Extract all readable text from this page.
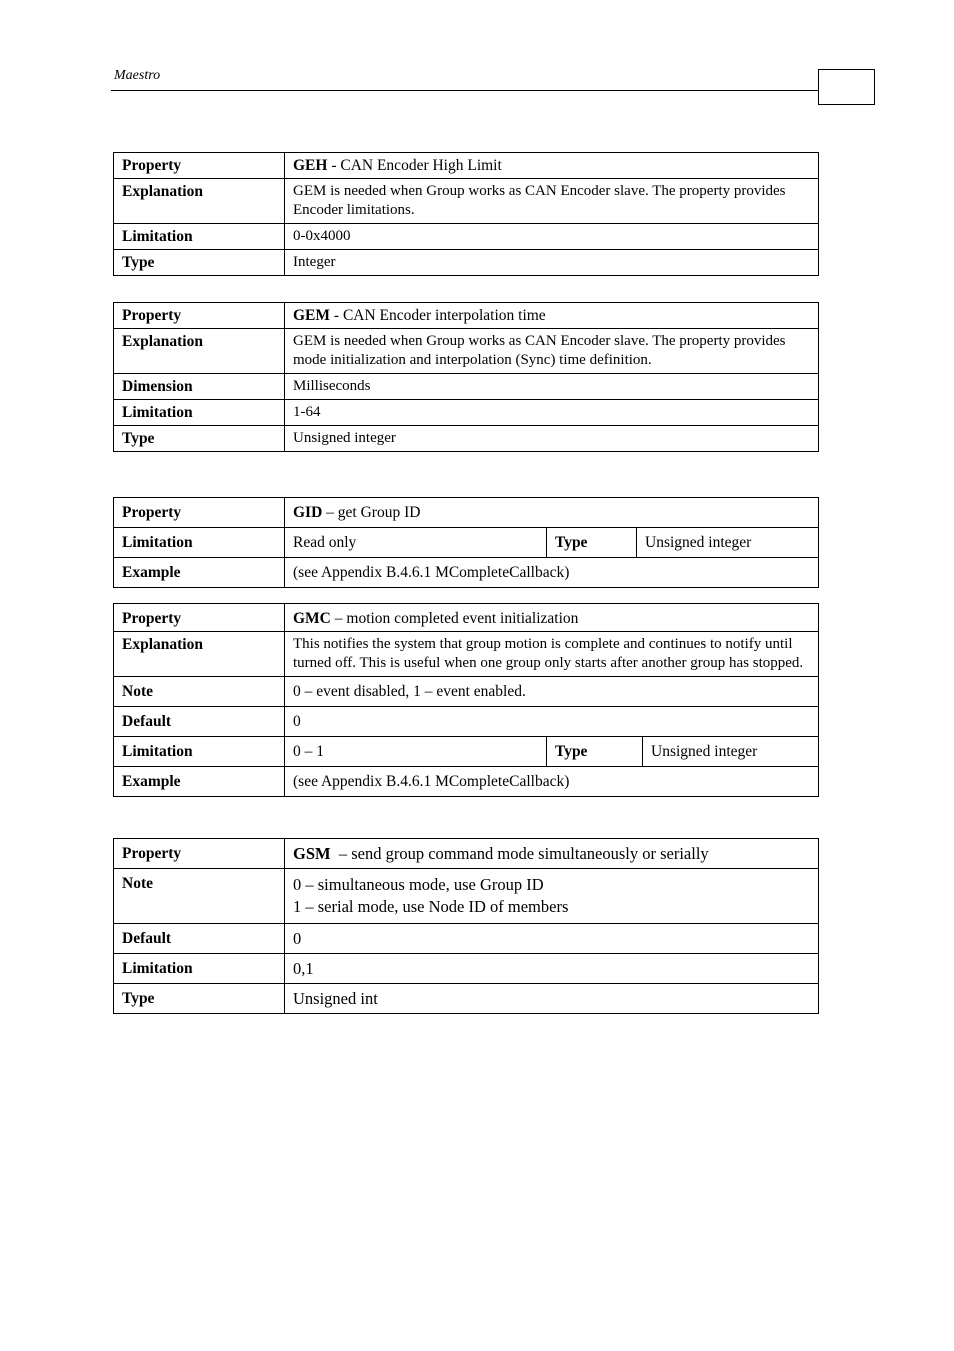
Maestro
Property	GEH - CAN Encoder High Limit
Explanation	GEM is needed when Group works as CAN Encoder slave. The property provides Encoder limitations.
Limitation	0-0x4000
Type	Integer
Property	GEM - CAN Encoder interpolation time
Explanation	GEM is needed when Group works as CAN Encoder slave. The property provides mode initialization and interpolation (Sync) time definition.
Dimension	Milliseconds
Limitation	1-64
Type	Unsigned integer
Property	GID – get Group ID		
Limitation	Read only	Type	Unsigned integer
Example	(see Appendix B.4.6.1 MCompleteCallback)		
Property	GMC – motion completed event initialization		
Explanation	This notifies the system that group motion is complete and continues to notify until turned off. This is useful when one group only starts after another group has stopped.		
Note	0 – event disabled, 1 – event enabled.		
Default	0		
Limitation	0 – 1	Type	Unsigned integer
Example	(see Appendix B.4.6.1 MCompleteCallback)		
Property	GSM  – send group command mode simultaneously or serially
Note	0 – simultaneous mode, use Group ID
1 – serial mode, use Node ID of members

Default	0
Limitation	0,1
Type	Unsigned int
